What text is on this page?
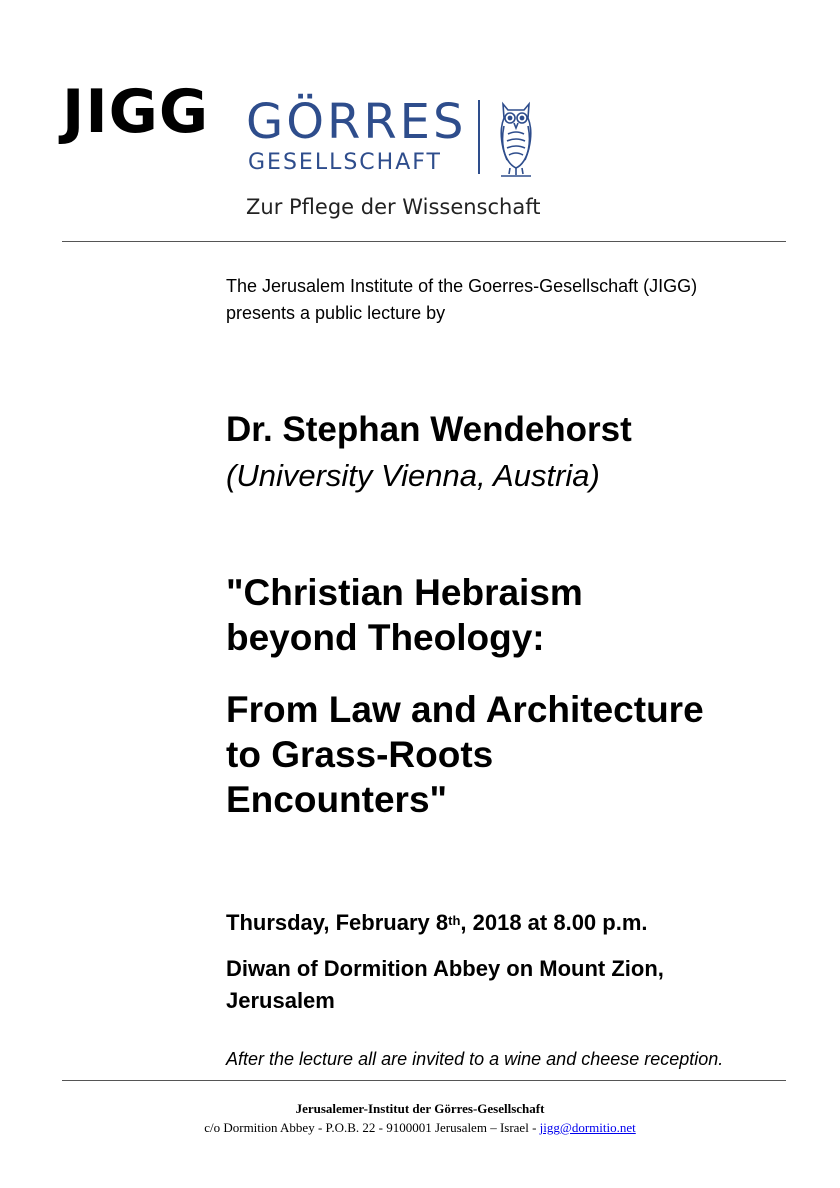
JIGG GÖRRES
GESELLSCHAFT
Zur Pflege der Wissenschaft
The Jerusalem Institute of the Goerres-Gesellschaft (JIGG)
presents a public lecture by
Dr. Stephan Wendehorst
(University Vienna, Austria)
"Christian Hebraism
beyond Theology:
From Law and Architecture
to Grass-Roots
Encounters"
Thursday, February 8th, 2018 at 8.00 p.m.
Diwan of Dormition Abbey on Mount Zion,
Jerusalem
After the lecture all are invited to a wine and cheese reception.
Jerusalemer-Institut der Görres-Gesellschaft
c/o Dormition Abbey - P.O.B. 22 - 9100001 Jerusalem – Israel - jigg@dormitio.net
